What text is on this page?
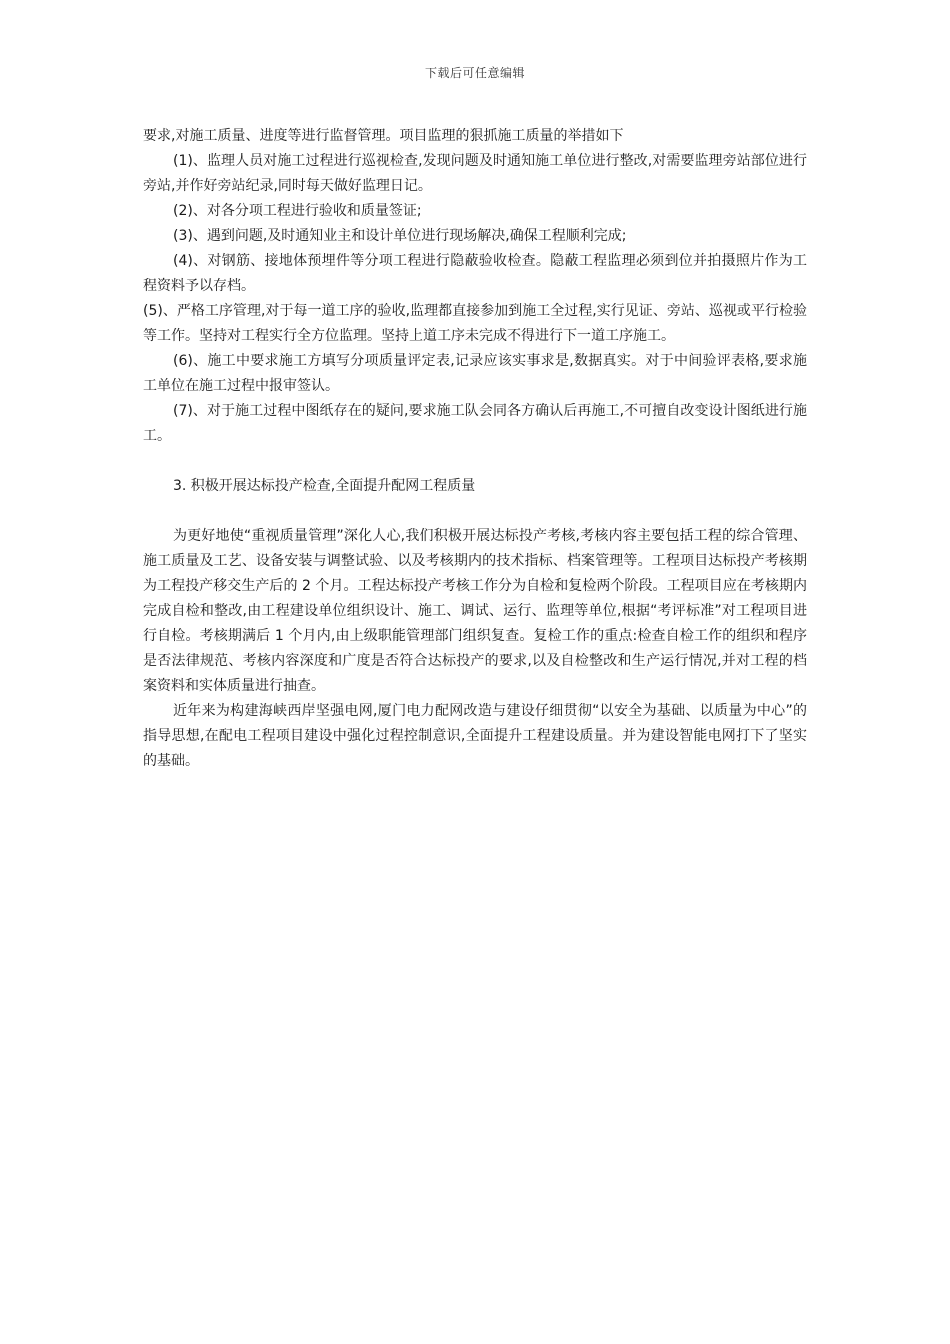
下载后可任意编辑

要求,对施工质量、进度等进行监督管理。项目监理的狠抓施工质量的举措如下

(1)、监理人员对施工过程进行巡视检查,发现问题及时通知施工单位进行整改,对需要监理旁站部位进行旁站,并作好旁站纪录,同时每天做好监理日记。

(2)、对各分项工程进行验收和质量签证;

(3)、遇到问题,及时通知业主和设计单位进行现场解决,确保工程顺利完成;

(4)、对钢筋、接地体预埋件等分项工程进行隐蔽验收检查。隐蔽工程监理必须到位并拍摄照片作为工程资料予以存档。

(5)、严格工序管理,对于每一道工序的验收,监理都直接参加到施工全过程,实行见证、旁站、巡视或平行检验等工作。坚持对工程实行全方位监理。坚持上道工序未完成不得进行下一道工序施工。

(6)、施工中要求施工方填写分项质量评定表,记录应该实事求是,数据真实。对于中间验评表格,要求施工单位在施工过程中报审签认。

(7)、对于施工过程中图纸存在的疑问,要求施工队会同各方确认后再施工,不可擅自改变设计图纸进行施工。

3. 积极开展达标投产检查,全面提升配网工程质量

为更好地使“重视质量管理”深化人心,我们积极开展达标投产考核,考核内容主要包括工程的综合管理、施工质量及工艺、设备安装与调整试验、以及考核期内的技术指标、档案管理等。工程项目达标投产考核期为工程投产移交生产后的 2 个月。工程达标投产考核工作分为自检和复检两个阶段。工程项目应在考核期内完成自检和整改,由工程建设单位组织设计、施工、调试、运行、监理等单位,根据“考评标准”对工程项目进行自检。考核期满后 1 个月内,由上级职能管理部门组织复查。复检工作的重点:检查自检工作的组织和程序是否法律规范、考核内容深度和广度是否符合达标投产的要求,以及自检整改和生产运行情况,并对工程的档案资料和实体质量进行抽查。

近年来为构建海峡西岸坚强电网,厦门电力配网改造与建设仔细贯彻“以安全为基础、以质量为中心”的指导思想,在配电工程项目建设中强化过程控制意识,全面提升工程建设质量。并为建设智能电网打下了坚实的基础。
